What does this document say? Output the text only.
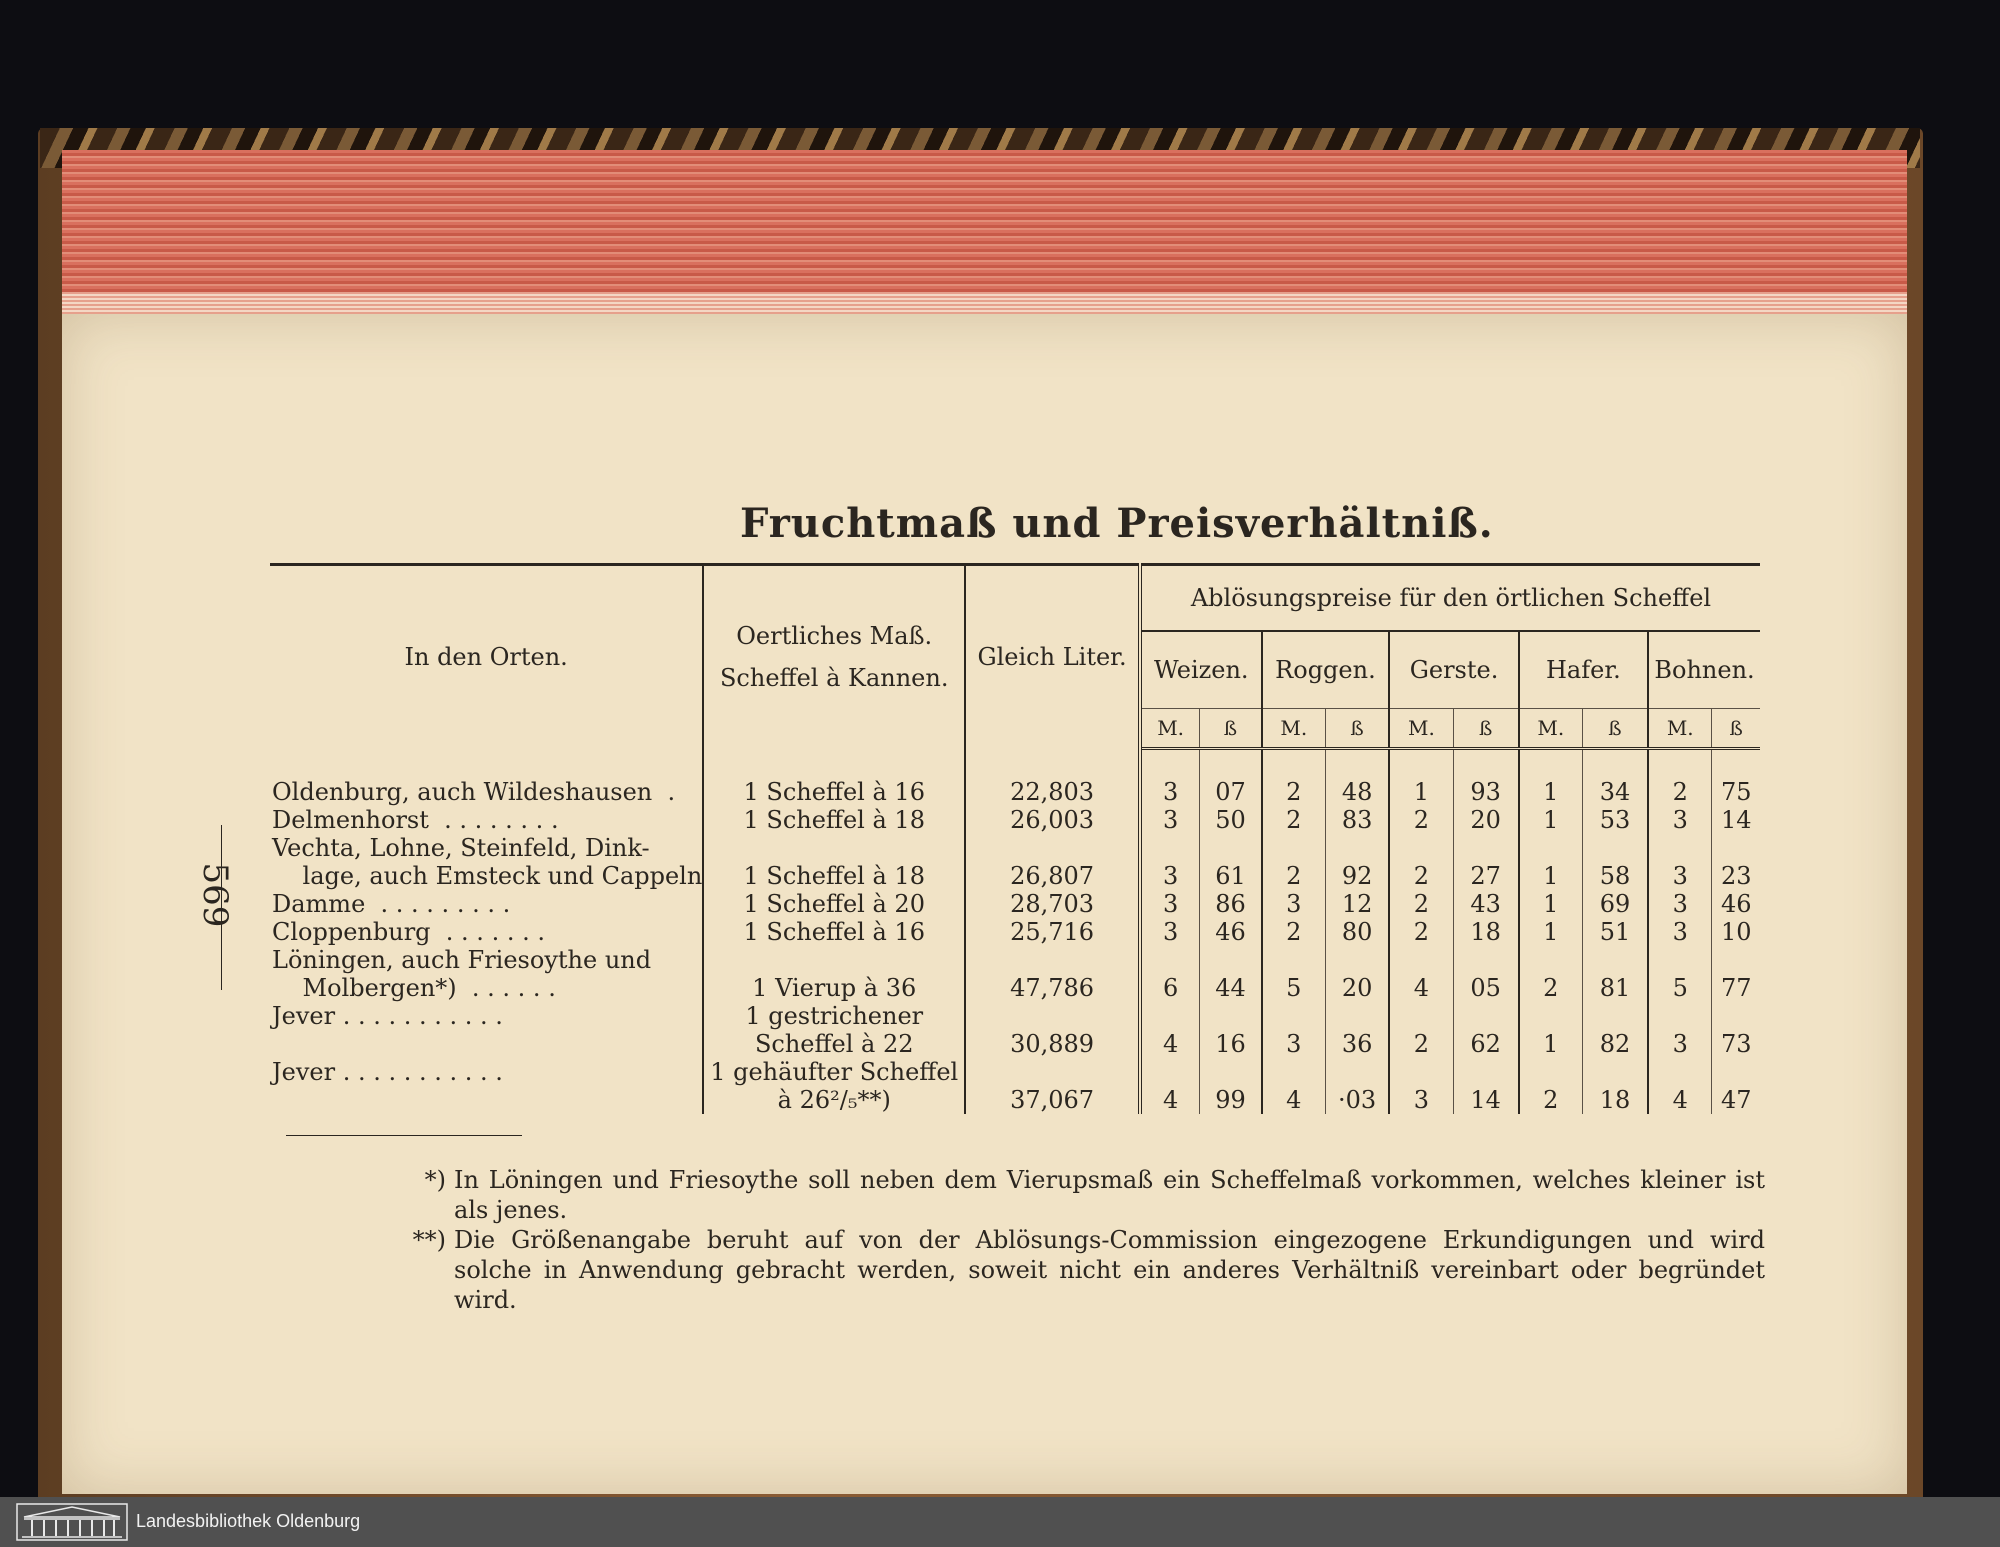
Fruchtmaß und Preisverhältniß.
569
In den Orten.	Oertliches Maß.
Scheffel à Kannen.	Gleich Liter.	Ablösungspreise für den örtlichen Scheffel									
			Weizen.		Roggen.		Gerste.		Hafer.		Bohnen.	
			M.	ß	M.	ß	M.	ß	M.	ß	M.	ß

Oldenburg, auch Wildeshausen  .	1 Scheffel à 16	22,803	3	07	2	48	1	93	1	34	2	75
Delmenhorst  . . . . . . . .	1 Scheffel à 18	26,003	3	50	2	83	2	20	1	53	3	14
Vechta, Lohne, Steinfeld, Dink-												
lage, auch Emsteck und Cappeln	1 Scheffel à 18	26,807	3	61	2	92	2	27	1	58	3	23
Damme  . . . . . . . . .	1 Scheffel à 20	28,703	3	86	3	12	2	43	1	69	3	46
Cloppenburg  . . . . . . .	1 Scheffel à 16	25,716	3	46	2	80	2	18	1	51	3	10
Löningen, auch Friesoythe und												
Molbergen*)  . . . . . .	1 Vierup à 36	47,786	6	44	5	20	4	05	2	81	5	77
Jever . . . . . . . . . . .	1 gestrichener											
	Scheffel à 22	30,889	4	16	3	36	2	62	1	82	3	73
Jever . . . . . . . . . . .	1 gehäufter Scheffel											
	à 26²/₅**)	37,067	4	99	4	·03	3	14	2	18	4	47
*) In Löningen und Friesoythe soll neben dem Vierupsmaß ein Scheffelmaß vorkommen, welches kleiner ist als jenes.
**) Die Größenangabe beruht auf von der Ablösungs-Commission eingezogene Erkundigungen und wird solche in Anwendung gebracht werden, soweit nicht ein anderes Verhältniß vereinbart oder begründet wird.
Landesbibliothek Oldenburg
